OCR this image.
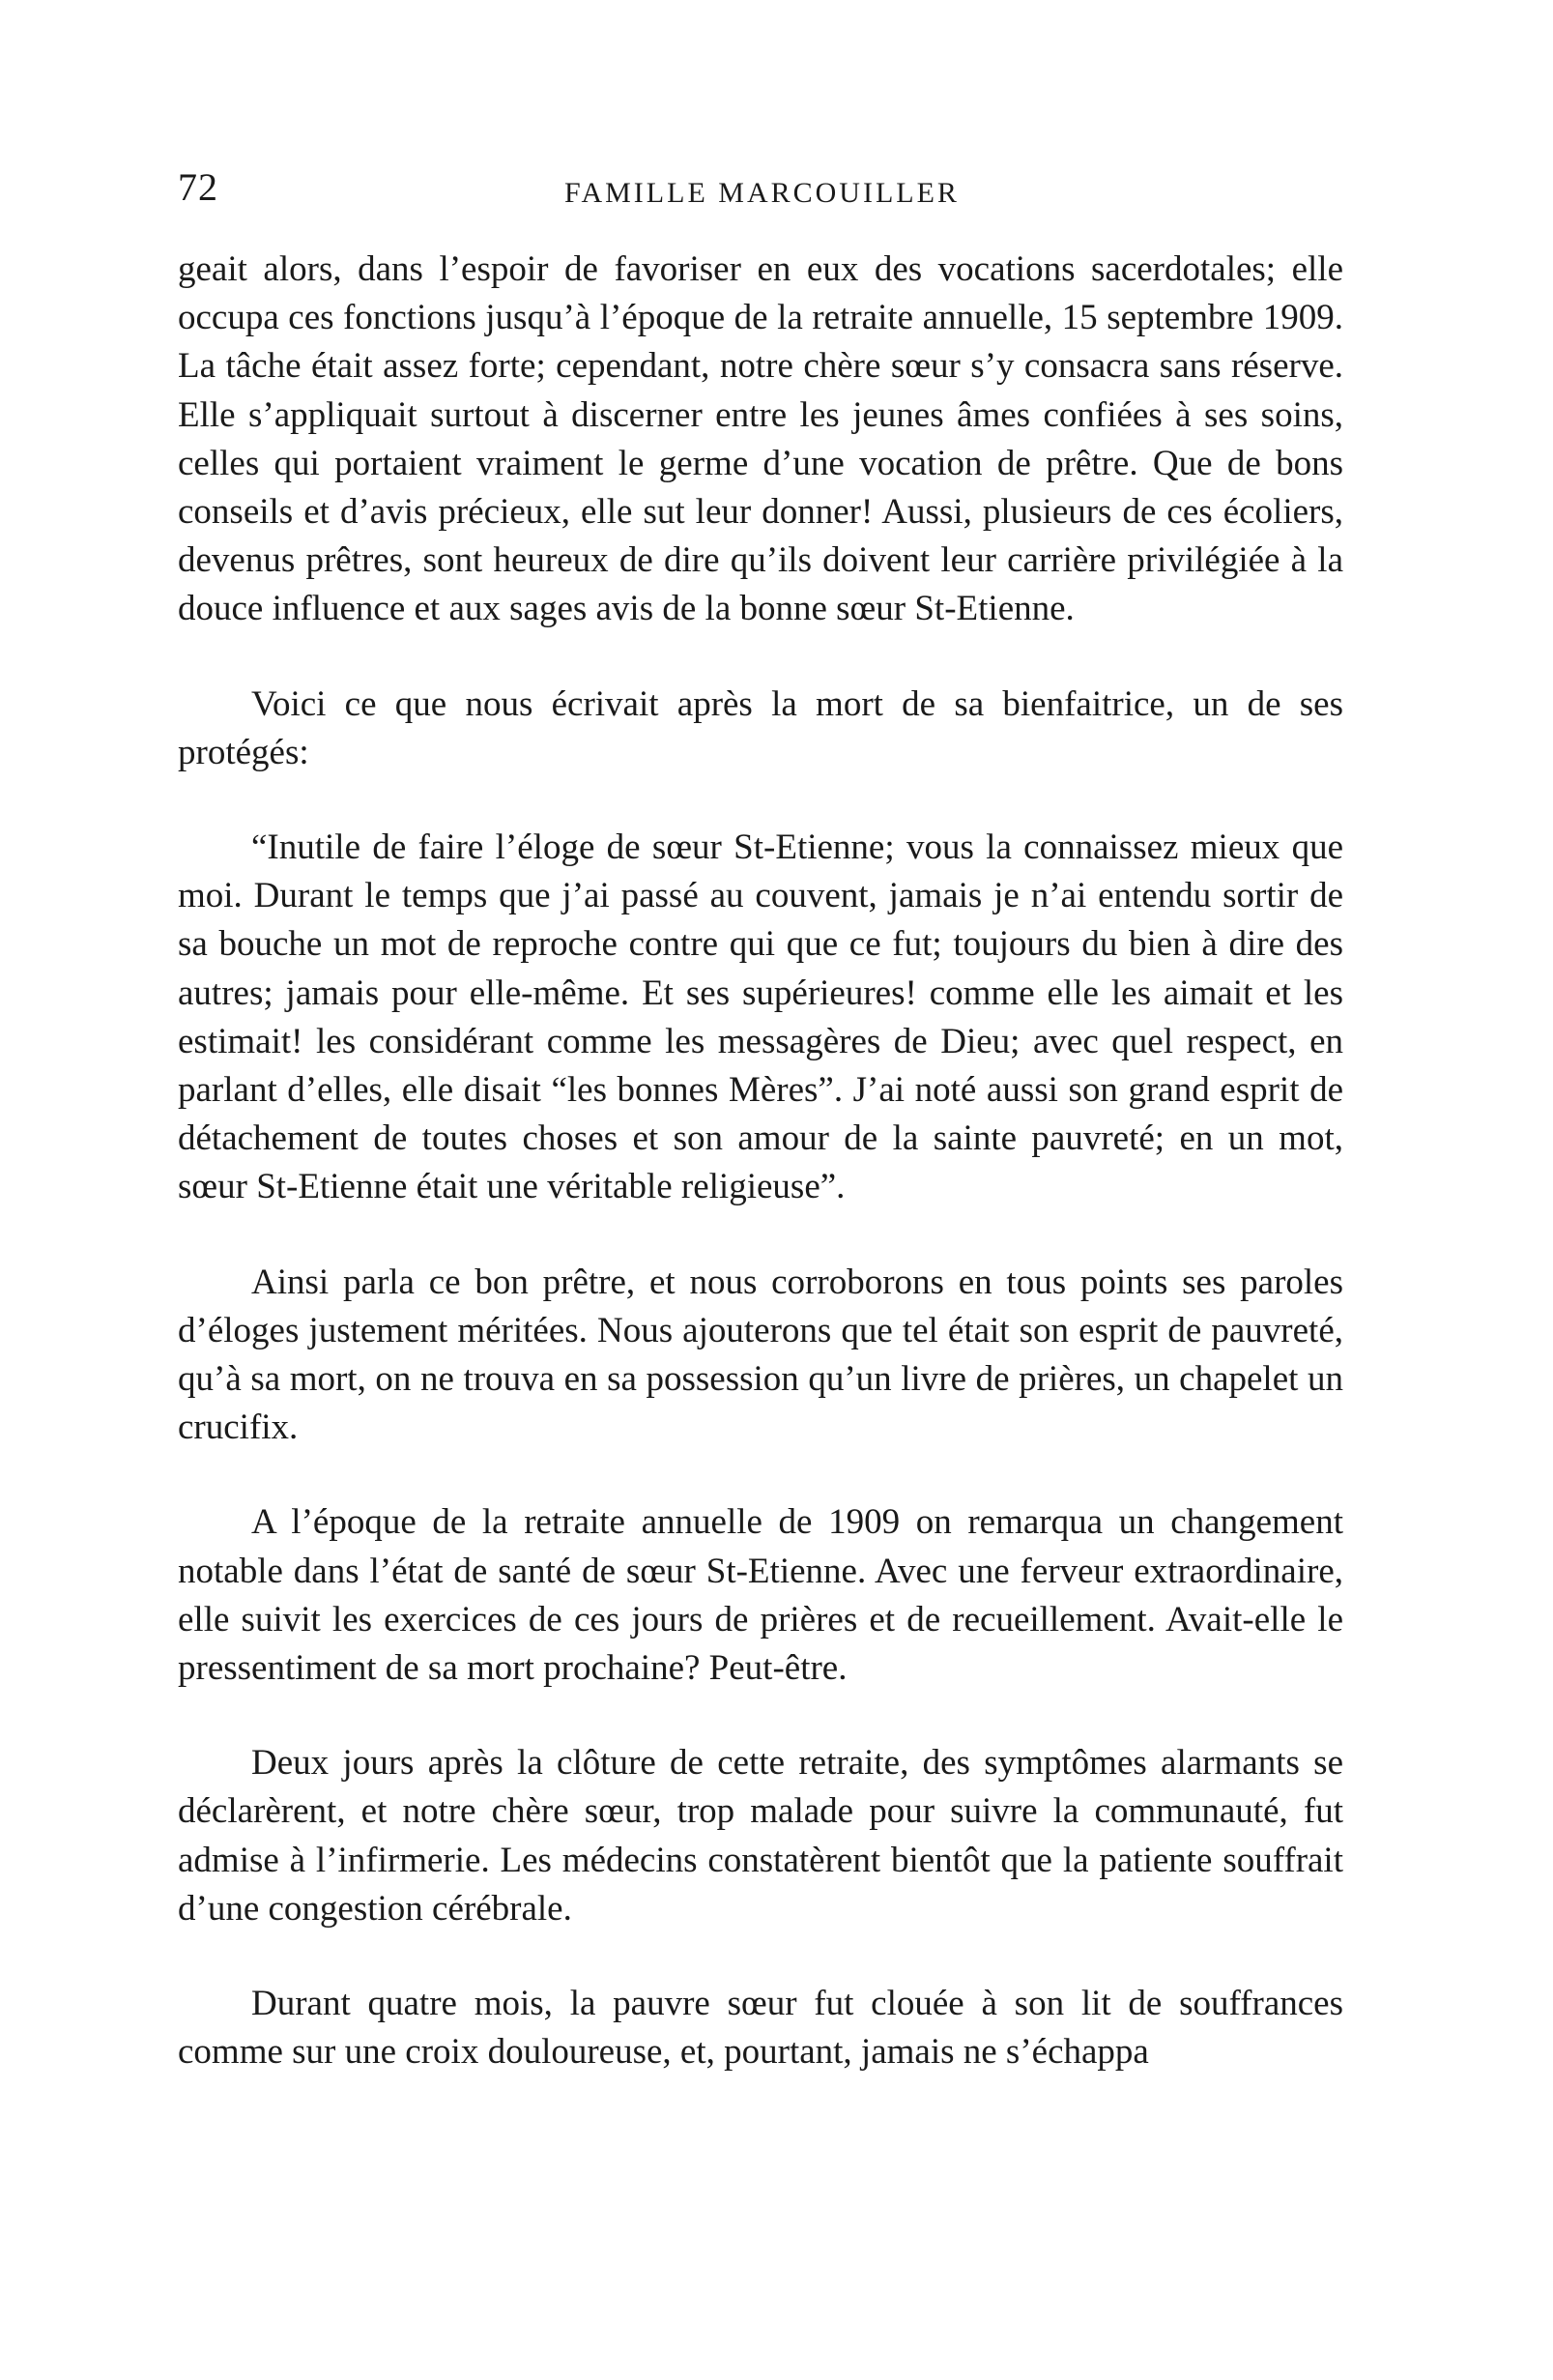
72	FAMILLE MARCOUILLER

geait alors, dans l’espoir de favoriser en eux des vocations sacerdotales; elle occupa ces fonctions jusqu’à l’époque de la retraite annuelle, 15 septembre 1909. La tâche était assez forte; cependant, notre chère sœur s’y consacra sans réserve. Elle s’appliquait surtout à discerner entre les jeunes âmes confiées à ses soins, celles qui portaient vraiment le germe d’une vocation de prêtre. Que de bons conseils et d’avis précieux, elle sut leur donner! Aussi, plusieurs de ces écoliers, devenus prêtres, sont heureux de dire qu’ils doivent leur carrière privilégiée à la douce influence et aux sages avis de la bonne sœur St-Etienne.

Voici ce que nous écrivait après la mort de sa bienfaitrice, un de ses protégés:

“Inutile de faire l’éloge de sœur St-Etienne; vous la connaissez mieux que moi. Durant le temps que j’ai passé au couvent, jamais je n’ai entendu sortir de sa bouche un mot de reproche contre qui que ce fut; toujours du bien à dire des autres; jamais pour elle-même. Et ses supérieures! comme elle les aimait et les estimait! les considérant comme les messagères de Dieu; avec quel respect, en parlant d’elles, elle disait “les bonnes Mères”. J’ai noté aussi son grand esprit de détachement de toutes choses et son amour de la sainte pauvreté; en un mot, sœur St-Etienne était une véritable religieuse”.

Ainsi parla ce bon prêtre, et nous corroborons en tous points ses paroles d’éloges justement méritées. Nous ajouterons que tel était son esprit de pauvreté, qu’à sa mort, on ne trouva en sa possession qu’un livre de prières, un chapelet un crucifix.

A l’époque de la retraite annuelle de 1909 on remarqua un changement notable dans l’état de santé de sœur St-Etienne. Avec une ferveur extraordinaire, elle suivit les exercices de ces jours de prières et de recueillement. Avait-elle le pressentiment de sa mort prochaine? Peut-être.

Deux jours après la clôture de cette retraite, des symptômes alarmants se déclarèrent, et notre chère sœur, trop malade pour suivre la communauté, fut admise à l’infirmerie. Les médecins constatèrent bientôt que la patiente souffrait d’une congestion cérébrale.

Durant quatre mois, la pauvre sœur fut clouée à son lit de souffrances comme sur une croix douloureuse, et, pourtant, jamais ne s’échappa
